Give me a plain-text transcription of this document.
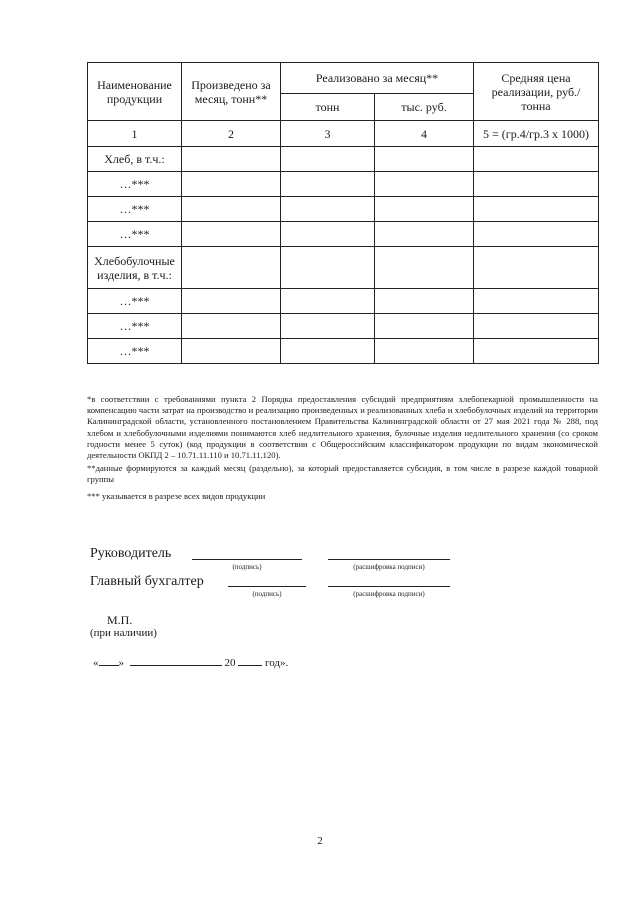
Наименование продукции	Произведено за месяц, тонн**	Реализовано за месяц**		Средняя цена реализации, руб./тонна
		тонн	тыс. руб.	
1	2	3	4	5 = (гр.4/гр.3 х 1000)
Хлеб, в т.ч.:				
…***				
…***				
…***				
Хлебобулочные изделия, в т.ч.:				
…***				
…***				
…***				

*в соответствии с требованиями пункта 2 Порядка предоставления субсидий предприятиям хлебопекарной промышленности на компенсацию части затрат на производство и реализацию произведенных и реализованных хлеба и хлебобулочных изделий на территории Калининградской области, установленного постановлением Правительства Калининградской области от 27 мая 2021 года № 288, под хлебом и хлебобулочными изделиями понимаются хлеб недлительного хранения, булочные изделия недлительного хранения (со сроком годности менее 5 суток) (код продукции в соответствии с Общероссийским классификатором продукции по видам экономической деятельности ОКПД 2 – 10.71.11.110 и 10.71.11.120).

**данные формируются за каждый месяц (раздельно), за который предоставляется субсидия, в том числе в разрезе каждой товарной группы

*** указывается в разрезе всех видов продукции

Руководитель
(подпись)	(расшифровка подписи)
Главный бухгалтер
(подпись)	(расшифровка подписи)
М.П.
(при наличии)
« »	20	год».
2
